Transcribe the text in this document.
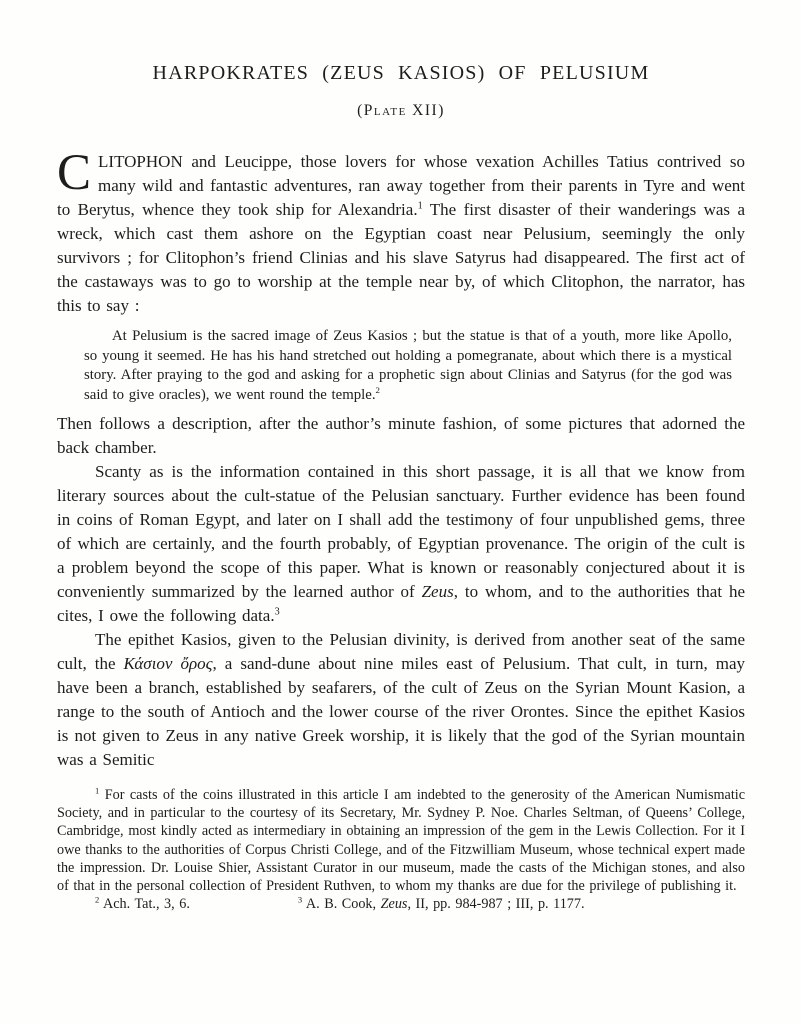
HARPOKRATES (ZEUS KASIOS) OF PELUSIUM
(Plate XII)

CLITOPHON and Leucippe, those lovers for whose vexation Achilles Tatius contrived so many wild and fantastic adventures, ran away together from their parents in Tyre and went to Berytus, whence they took ship for Alexandria.$^1$ The first disaster of their wanderings was a wreck, which cast them ashore on the Egyptian coast near Pelusium, seemingly the only survivors ; for Clitophon’s friend Clinias and his slave Satyrus had disappeared. The first act of the castaways was to go to worship at the temple near by, of which Clitophon, the narrator, has this to say :

At Pelusium is the sacred image of Zeus Kasios ; but the statue is that of a youth, more like Apollo, so young it seemed. He has his hand stretched out holding a pomegranate, about which there is a mystical story. After praying to the god and asking for a prophetic sign about Clinias and Satyrus (for the god was said to give oracles), we went round the temple.$^2$

Then follows a description, after the author’s minute fashion, of some pictures that adorned the back chamber.

Scanty as is the information contained in this short passage, it is all that we know from literary sources about the cult-statue of the Pelusian sanctuary. Further evidence has been found in coins of Roman Egypt, and later on I shall add the testimony of four unpublished gems, three of which are certainly, and the fourth probably, of Egyptian provenance. The origin of the cult is a problem beyond the scope of this paper. What is known or reasonably conjectured about it is conveniently summarized by the learned author of Zeus, to whom, and to the authorities that he cites, I owe the following data.$^3$

The epithet Kasios, given to the Pelusian divinity, is derived from another seat of the same cult, the Κάσιον ὄρος, a sand-dune about nine miles east of Pelusium. That cult, in turn, may have been a branch, established by seafarers, of the cult of Zeus on the Syrian Mount Kasion, a range to the south of Antioch and the lower course of the river Orontes. Since the epithet Kasios is not given to Zeus in any native Greek worship, it is likely that the god of the Syrian mountain was a Semitic

$^1$ For casts of the coins illustrated in this article I am indebted to the generosity of the American Numismatic Society, and in particular to the courtesy of its Secretary, Mr. Sydney P. Noe. Charles Seltman, of Queens’ College, Cambridge, most kindly acted as intermediary in obtaining an impression of the gem in the Lewis Collection. For it I owe thanks to the authorities of Corpus Christi College, and of the Fitzwilliam Museum, whose technical expert made the impression. Dr. Louise Shier, Assistant Curator in our museum, made the casts of the Michigan stones, and also of that in the personal collection of President Ruthven, to whom my thanks are due for the privilege of publishing it.

$^2$ Ach. Tat., 3, 6.	$^3$ A. B. Cook, Zeus, II, pp. 984-987 ; III, p. 1177.
